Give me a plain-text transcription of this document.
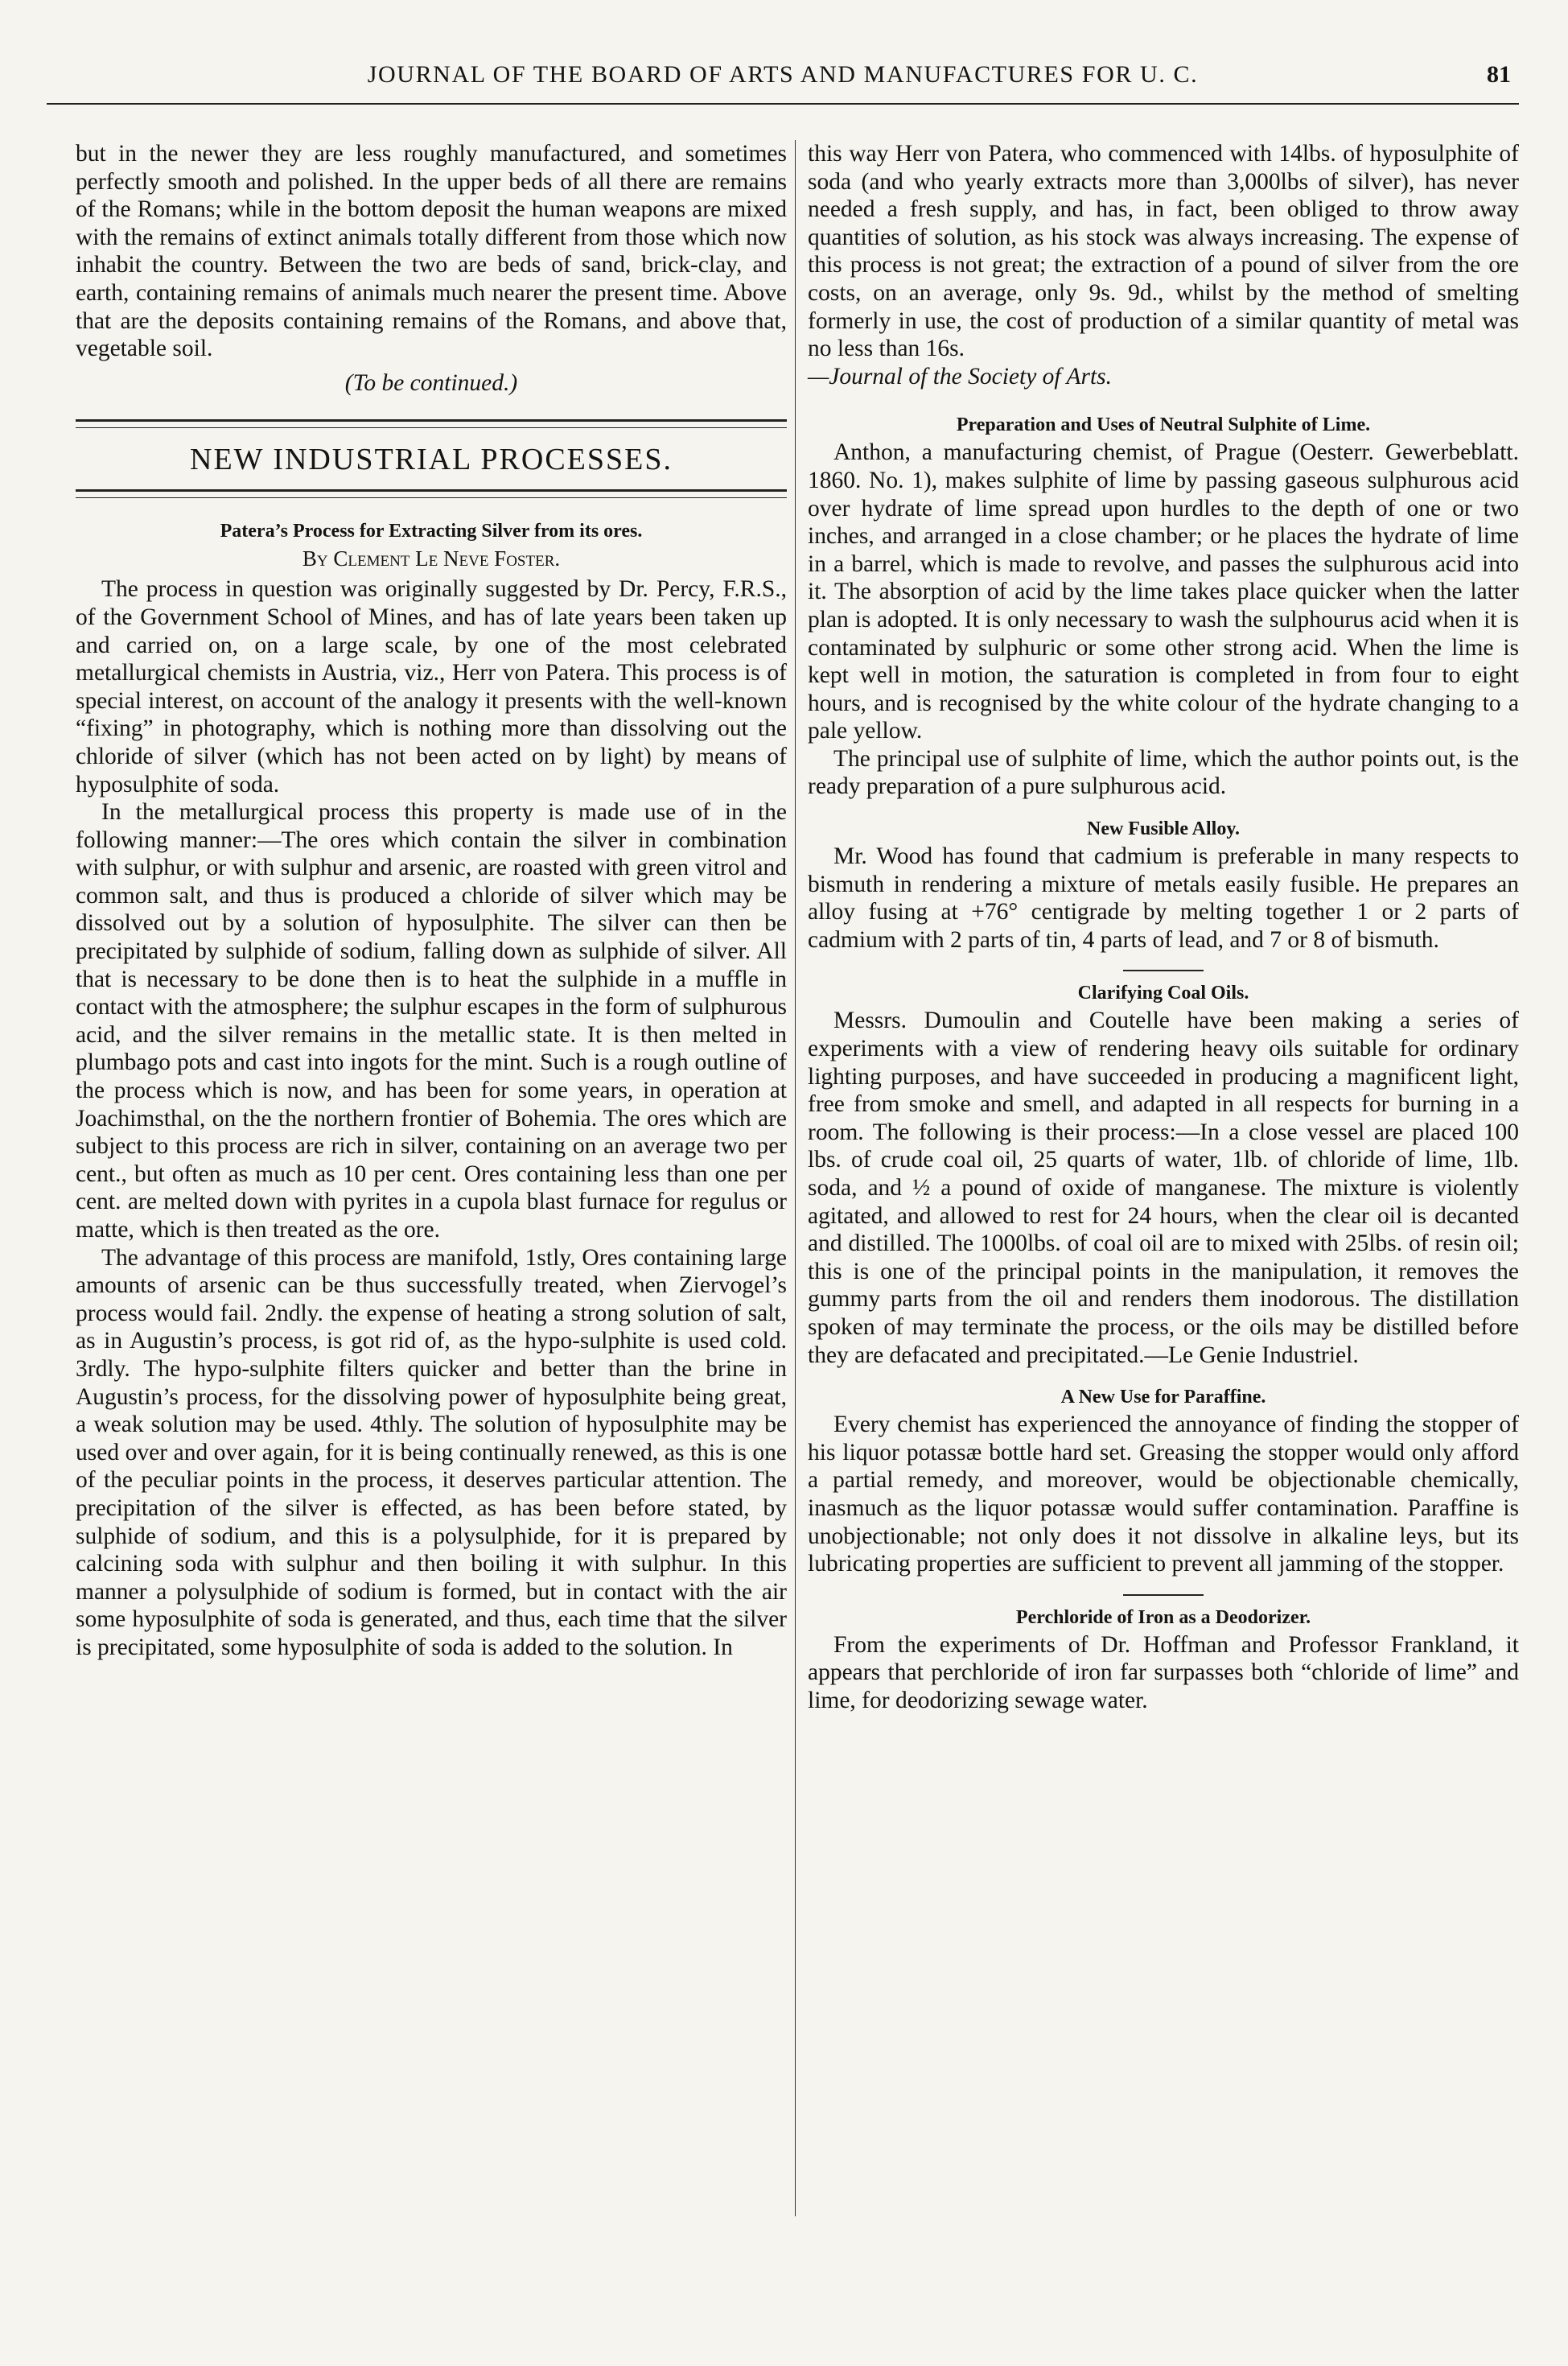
JOURNAL OF THE BOARD OF ARTS AND MANUFACTURES FOR U. C.	81

but in the newer they are less roughly manufactured, and sometimes perfectly smooth and polished. In the upper beds of all there are remains of the Romans; while in the bottom deposit the human weapons are mixed with the remains of extinct animals totally different from those which now inhabit the country. Between the two are beds of sand, brick-clay, and earth, containing remains of animals much nearer the present time. Above that are the deposits containing remains of the Romans, and above that, vegetable soil.

(To be continued.)

NEW INDUSTRIAL PROCESSES.
Patera’s Process for Extracting Silver from its ores.
By Clement Le Neve Foster.

The process in question was originally suggested by Dr. Percy, F.R.S., of the Government School of Mines, and has of late years been taken up and carried on, on a large scale, by one of the most celebrated metallurgical chemists in Austria, viz., Herr von Patera. This process is of special interest, on account of the analogy it presents with the well-known “fixing” in photography, which is nothing more than dissolving out the chloride of silver (which has not been acted on by light) by means of hyposulphite of soda.

In the metallurgical process this property is made use of in the following manner:—The ores which contain the silver in combination with sulphur, or with sulphur and arsenic, are roasted with green vitrol and common salt, and thus is produced a chloride of silver which may be dissolved out by a solution of hyposulphite. The silver can then be precipitated by sulphide of sodium, falling down as sulphide of silver. All that is necessary to be done then is to heat the sulphide in a muffle in contact with the atmosphere; the sulphur escapes in the form of sulphurous acid, and the silver remains in the metallic state. It is then melted in plumbago pots and cast into ingots for the mint. Such is a rough outline of the process which is now, and has been for some years, in operation at Joachimsthal, on the the northern frontier of Bohemia. The ores which are subject to this process are rich in silver, containing on an average two per cent., but often as much as 10 per cent. Ores containing less than one per cent. are melted down with pyrites in a cupola blast furnace for regulus or matte, which is then treated as the ore.

The advantage of this process are manifold, 1stly, Ores containing large amounts of arsenic can be thus successfully treated, when Ziervogel’s process would fail. 2ndly. the expense of heating a strong solution of salt, as in Augustin’s process, is got rid of, as the hypo-sulphite is used cold. 3rdly. The hypo-sulphite filters quicker and better than the brine in Augustin’s process, for the dissolving power of hyposulphite being great, a weak solution may be used. 4thly. The solution of hyposulphite may be used over and over again, for it is being continually renewed, as this is one of the peculiar points in the process, it deserves particular attention. The precipitation of the silver is effected, as has been before stated, by sulphide of sodium, and this is a polysulphide, for it is prepared by calcining soda with sulphur and then boiling it with sulphur. In this manner a polysulphide of sodium is formed, but in contact with the air some hyposulphite of soda is generated, and thus, each time that the silver is precipitated, some hyposulphite of soda is added to the solution. In

this way Herr von Patera, who commenced with 14lbs. of hyposulphite of soda (and who yearly extracts more than 3,000lbs of silver), has never needed a fresh supply, and has, in fact, been obliged to throw away quantities of solution, as his stock was always increasing. The expense of this process is not great; the extraction of a pound of silver from the ore costs, on an average, only 9s. 9d., whilst by the method of smelting formerly in use, the cost of production of a similar quantity of metal was no less than 16s.

—Journal of the Society of Arts.

Preparation and Uses of Neutral Sulphite of Lime.

Anthon, a manufacturing chemist, of Prague (Oesterr. Gewerbeblatt. 1860. No. 1), makes sulphite of lime by passing gaseous sulphurous acid over hydrate of lime spread upon hurdles to the depth of one or two inches, and arranged in a close chamber; or he places the hydrate of lime in a barrel, which is made to revolve, and passes the sulphurous acid into it. The absorption of acid by the lime takes place quicker when the latter plan is adopted. It is only necessary to wash the sulphourus acid when it is contaminated by sulphuric or some other strong acid. When the lime is kept well in motion, the saturation is completed in from four to eight hours, and is recognised by the white colour of the hydrate changing to a pale yellow.

The principal use of sulphite of lime, which the author points out, is the ready preparation of a pure sulphurous acid.

New Fusible Alloy.

Mr. Wood has found that cadmium is preferable in many respects to bismuth in rendering a mixture of metals easily fusible. He prepares an alloy fusing at +76° centigrade by melting together 1 or 2 parts of cadmium with 2 parts of tin, 4 parts of lead, and 7 or 8 of bismuth.

Clarifying Coal Oils.

Messrs. Dumoulin and Coutelle have been making a series of experiments with a view of rendering heavy oils suitable for ordinary lighting purposes, and have succeeded in producing a magnificent light, free from smoke and smell, and adapted in all respects for burning in a room. The following is their process:—In a close vessel are placed 100 lbs. of crude coal oil, 25 quarts of water, 1lb. of chloride of lime, 1lb. soda, and ½ a pound of oxide of manganese. The mixture is violently agitated, and allowed to rest for 24 hours, when the clear oil is decanted and distilled. The 1000lbs. of coal oil are to mixed with 25lbs. of resin oil; this is one of the principal points in the manipulation, it removes the gummy parts from the oil and renders them inodorous. The distillation spoken of may terminate the process, or the oils may be distilled before they are defacated and precipitated.—Le Genie Industriel.

A New Use for Paraffine.

Every chemist has experienced the annoyance of finding the stopper of his liquor potassæ bottle hard set. Greasing the stopper would only afford a partial remedy, and moreover, would be objectionable chemically, inasmuch as the liquor potassæ would suffer contamination. Paraffine is unobjectionable; not only does it not dissolve in alkaline leys, but its lubricating properties are sufficient to prevent all jamming of the stopper.

Perchloride of Iron as a Deodorizer.

From the experiments of Dr. Hoffman and Professor Frankland, it appears that perchloride of iron far surpasses both “chloride of lime” and lime, for deodorizing sewage water.
